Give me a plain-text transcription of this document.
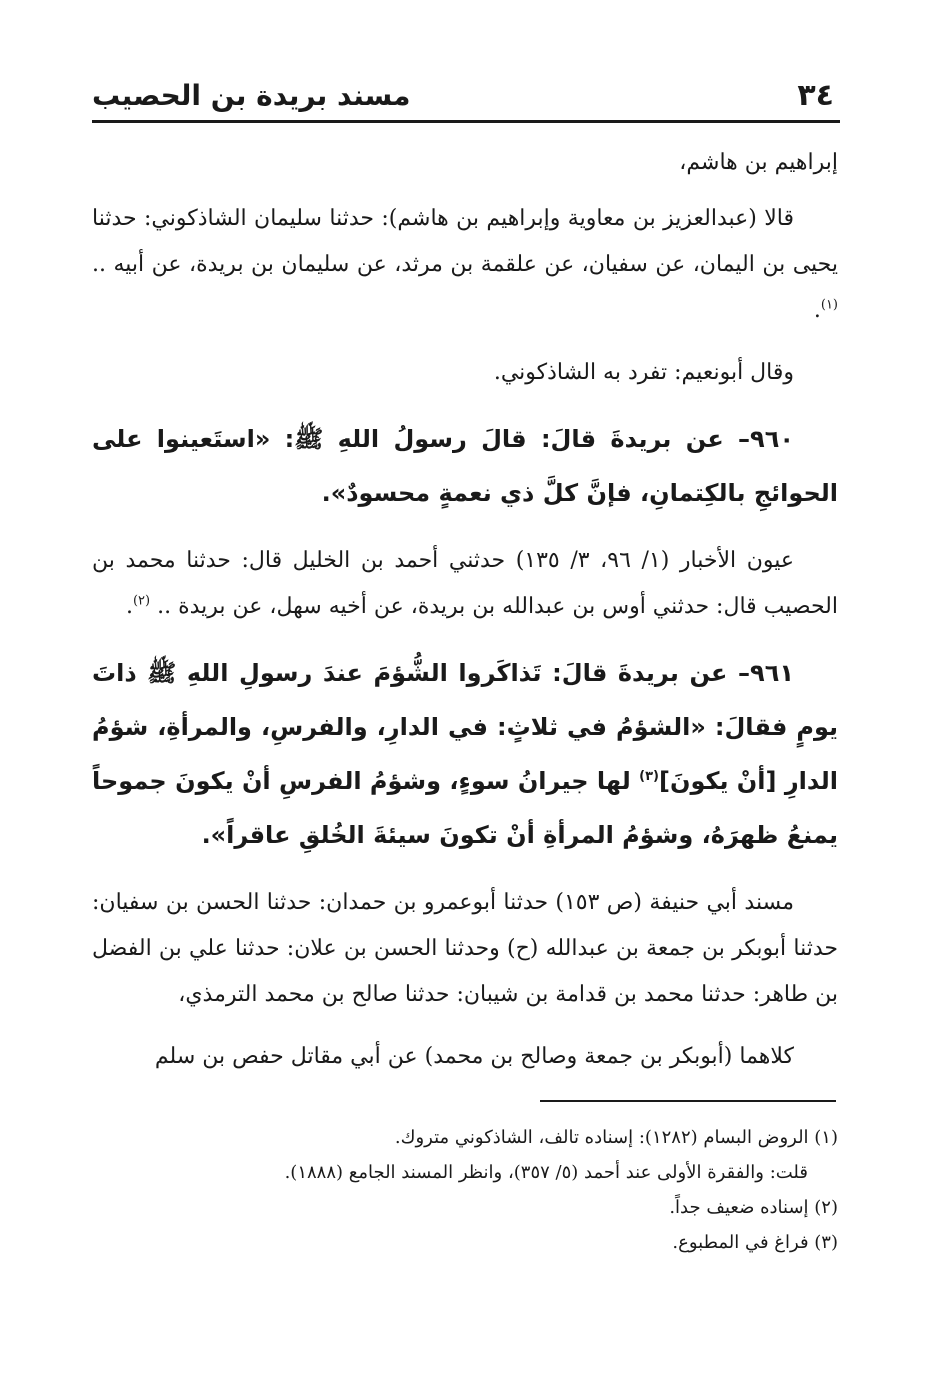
٣٤
مسند بريدة بن الحصيب

إبراهيم بن هاشم،

قالا (عبدالعزيز بن معاوية وإبراهيم بن هاشم): حدثنا سليمان الشاذكوني: حدثنا يحيى بن اليمان، عن سفيان، عن علقمة بن مرثد، عن سليمان بن بريدة، عن أبيه .. $^{(١)}$.

وقال أبونعيم: تفرد به الشاذكوني.

٩٦٠– عن بريدةَ قالَ: قالَ رسولُ اللهِ ﷺ: «استَعينوا على الحوائجِ بالكِتمانِ، فإنَّ كلَّ ذي نعمةٍ محسودٌ».

عيون الأخبار (١/ ٩٦، ٣/ ١٣٥) حدثني أحمد بن الخليل قال: حدثنا محمد بن الحصيب قال: حدثني أوس بن عبدالله بن بريدة، عن أخيه سهل، عن بريدة .. $^{(٢)}$.

٩٦١– عن بريدةَ قالَ: تَذاكَروا الشُّؤمَ عندَ رسولِ اللهِ ﷺ ذاتَ يومٍ فقالَ: «الشؤمُ في ثلاثٍ: في الدارِ، والفرسِ، والمرأةِ، شؤمُ الدارِ [أنْ يكونَ]$^{(٣)}$ لها جيرانُ سوءٍ، وشؤمُ الفرسِ أنْ يكونَ جموحاً يمنعُ ظهرَهُ، وشؤمُ المرأةِ أنْ تكونَ سيئةَ الخُلقِ عاقراً».

مسند أبي حنيفة (ص ١٥٣) حدثنا أبوعمرو بن حمدان: حدثنا الحسن بن سفيان: حدثنا أبوبكر بن جمعة بن عبدالله (ح) وحدثنا الحسن بن علان: حدثنا علي بن الفضل بن طاهر: حدثنا محمد بن قدامة بن شيبان: حدثنا صالح بن محمد الترمذي،

كلاهما (أبوبكر بن جمعة وصالح بن محمد) عن أبي مقاتل حفص بن سلم

(١) الروض البسام (١٢٨٢): إسناده تالف، الشاذكوني متروك.

قلت: والفقرة الأولى عند أحمد (٥/ ٣٥٧)، وانظر المسند الجامع (١٨٨٨).

(٢) إسناده ضعيف جداً.

(٣) فراغ في المطبوع.
